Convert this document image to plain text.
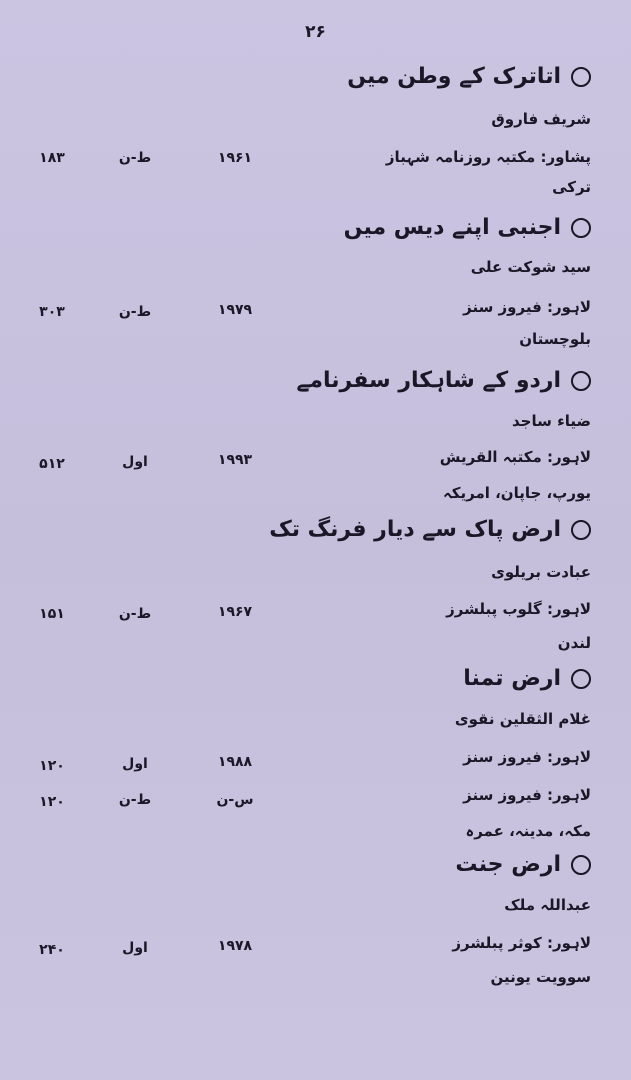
۲۶
اتاترک کے وطن میں
شریف فاروق
پشاور: مکتبہ روزنامہ شہباز
۱۹۶۱
ط-ن
۱۸۳
ترکی
اجنبی اپنے دیس میں
سید شوکت علی
لاہور: فیروز سنز
۱۹۷۹
ط-ن
۳۰۳
بلوچستان
اردو کے شاہکار سفرنامے
ضیاء ساجد
لاہور: مکتبہ القریش
۱۹۹۳
اول
۵۱۲
یورپ، جاپان، امریکہ
ارض پاک سے دیار فرنگ تک
عبادت بریلوی
لاہور: گلوب پبلشرز
۱۹۶۷
ط-ن
۱۵۱
لندن
ارض تمنا
غلام الثقلین نقوی
لاہور: فیروز سنز
۱۹۸۸
اول
۱۲۰
لاہور: فیروز سنز
س-ن
ط-ن
۱۲۰
مکہ، مدینہ، عمرہ
ارض جنت
عبداللہ ملک
لاہور: کوثر پبلشرز
۱۹۷۸
اول
۲۴۰
سوویت یونین
